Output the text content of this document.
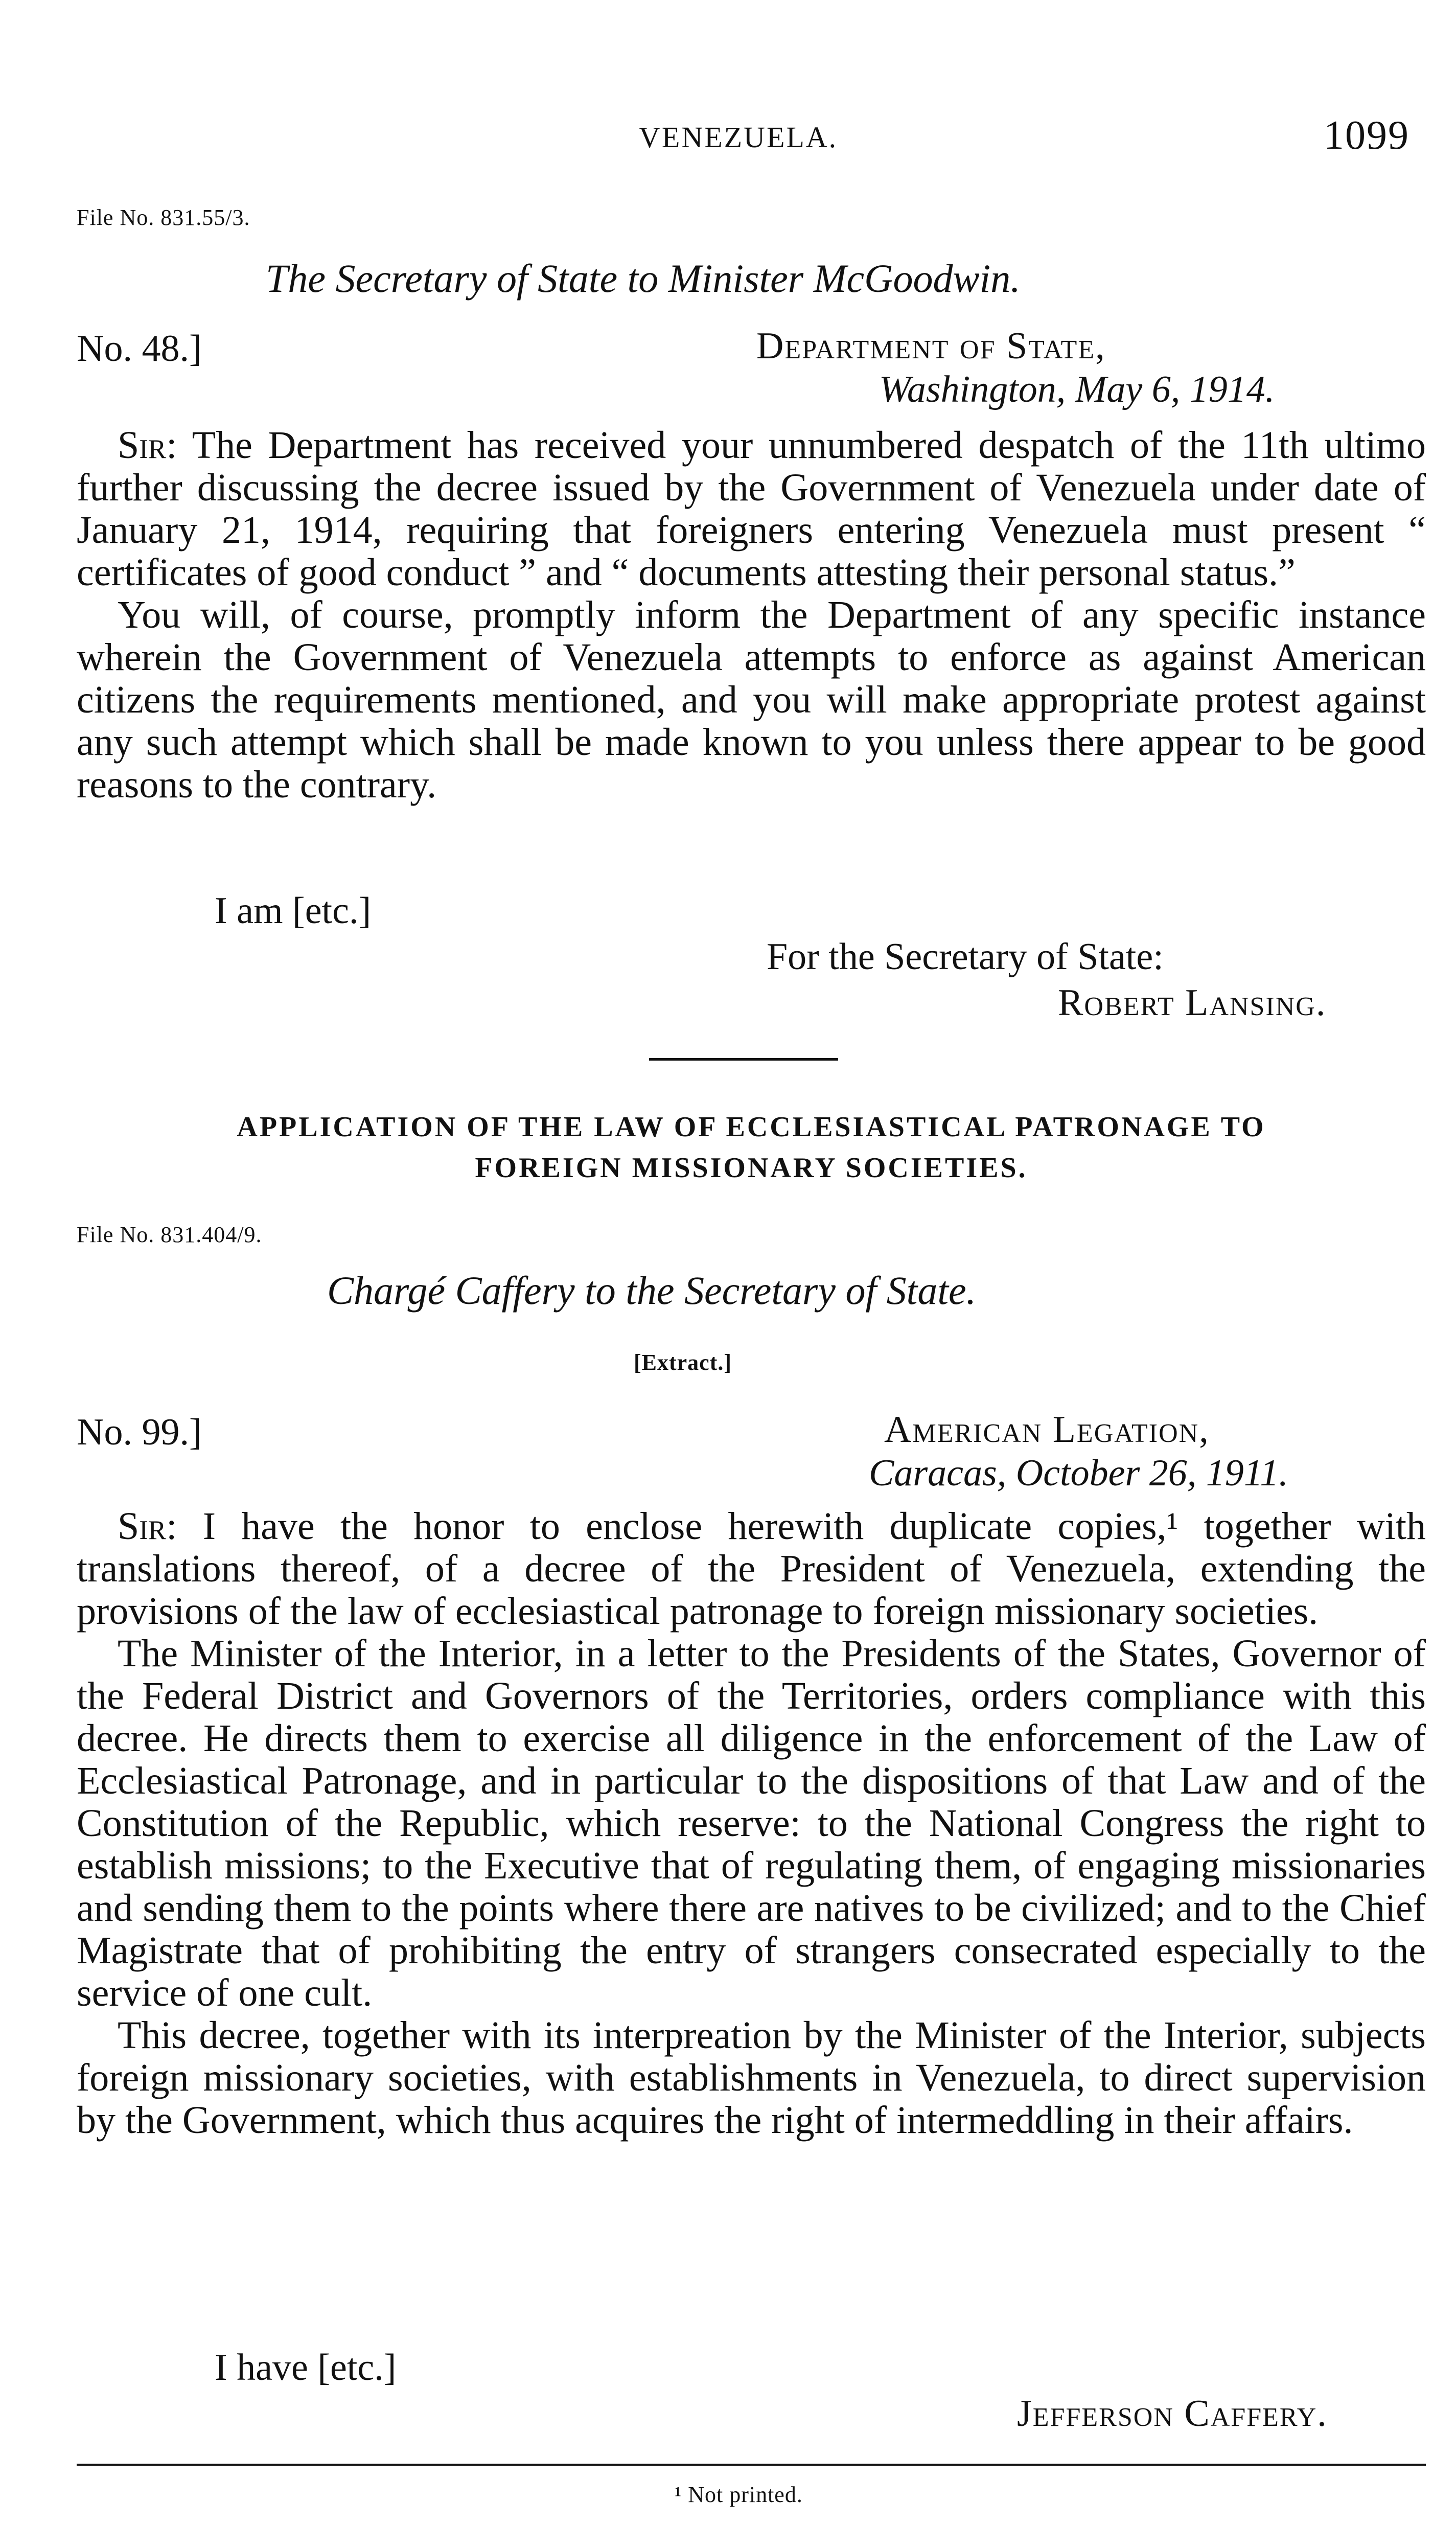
VENEZUELA.	1099
File No. 831.55/3.
The Secretary of State to Minister McGoodwin.
No. 48.]	Department of State,
Washington, May 6, 1914.

Sir: The Department has received your unnumbered despatch of the 11th ultimo further discussing the decree issued by the Government of Venezuela under date of January 21, 1914, requiring that foreigners entering Venezuela must present “ certificates of good conduct ” and “ documents attesting their personal status.”

You will, of course, promptly inform the Department of any specific instance wherein the Government of Venezuela attempts to enforce as against American citizens the requirements mentioned, and you will make appropriate protest against any such attempt which shall be made known to you unless there appear to be good reasons to the contrary.

I am [etc.]
For the Secretary of State:
Robert Lansing.
APPLICATION OF THE LAW OF ECCLESIASTICAL PATRONAGE TO
FOREIGN MISSIONARY SOCIETIES.
File No. 831.404/9.
Chargé Caffery to the Secretary of State.
[Extract.]
No. 99.]	American Legation,
Caracas, October 26, 1911.

Sir: I have the honor to enclose herewith duplicate copies,¹ together with translations thereof, of a decree of the President of Venezuela, extending the provisions of the law of ecclesiastical patronage to foreign missionary societies.

The Minister of the Interior, in a letter to the Presidents of the States, Governor of the Federal District and Governors of the Territories, orders compliance with this decree. He directs them to exercise all diligence in the enforcement of the Law of Ecclesiastical Patronage, and in particular to the dispositions of that Law and of the Constitution of the Republic, which reserve: to the National Congress the right to establish missions; to the Executive that of regulating them, of engaging missionaries and sending them to the points where there are natives to be civilized; and to the Chief Magistrate that of prohibiting the entry of strangers consecrated especially to the service of one cult.

This decree, together with its interpreation by the Minister of the Interior, subjects foreign missionary societies, with establishments in Venezuela, to direct supervision by the Government, which thus acquires the right of intermeddling in their affairs.

I have [etc.]
Jefferson Caffery.
¹ Not printed.
